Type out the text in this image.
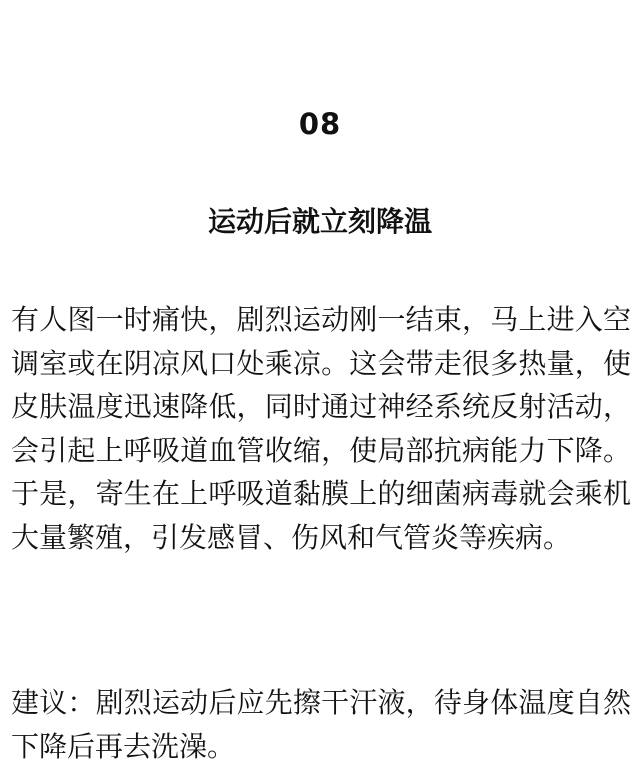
08
运动后就立刻降温

有人图一时痛快，剧烈运动刚一结束，马上进入空调室或在阴凉风口处乘凉。这会带走很多热量，使皮肤温度迅速降低，同时通过神经系统反射活动，会引起上呼吸道血管收缩，使局部抗病能力下降。于是，寄生在上呼吸道黏膜上的细菌病毒就会乘机大量繁殖，引发感冒、伤风和气管炎等疾病。

建议：剧烈运动后应先擦干汗液，待身体温度自然下降后再去洗澡。
